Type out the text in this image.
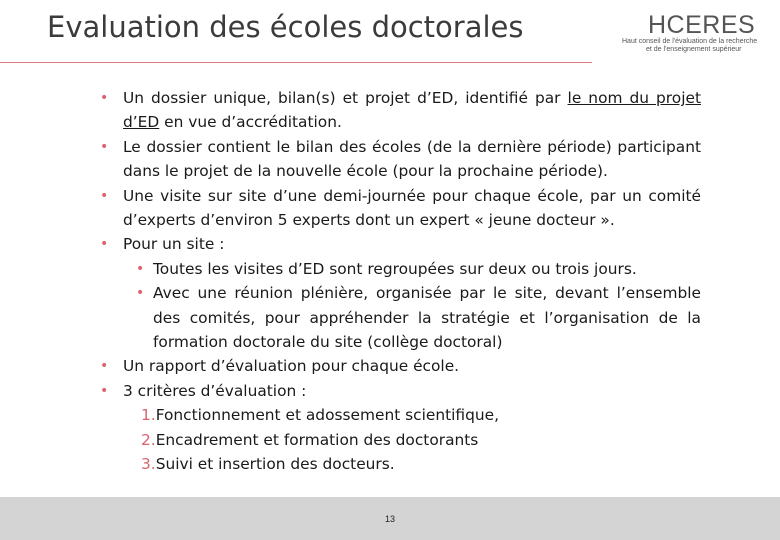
Evaluation des écoles doctorales	HCERES
Haut conseil de l'évaluation de la recherche
et de l'enseignement supérieur
• Un dossier unique, bilan(s) et projet d’ED, identifié par le nom du projet d’ED en vue d’accréditation.
• Le dossier contient le bilan des écoles (de la dernière période) participant dans le projet de la nouvelle école (pour la prochaine période).
• Une visite sur site d’une demi-journée pour chaque école, par un comité d’experts d’environ 5 experts dont un expert « jeune docteur ».
• Pour un site :
• Toutes les visites d’ED sont regroupées sur deux ou trois jours.
• Avec une réunion plénière, organisée par le site, devant l’ensemble des comités, pour appréhender la stratégie et l’organisation de la formation doctorale du site (collège doctoral)
• Un rapport d’évaluation pour chaque école.
• 3 critères d’évaluation :
1.Fonctionnement et adossement scientifique,
2.Encadrement et formation des doctorants
3.Suivi et insertion des docteurs.
13
